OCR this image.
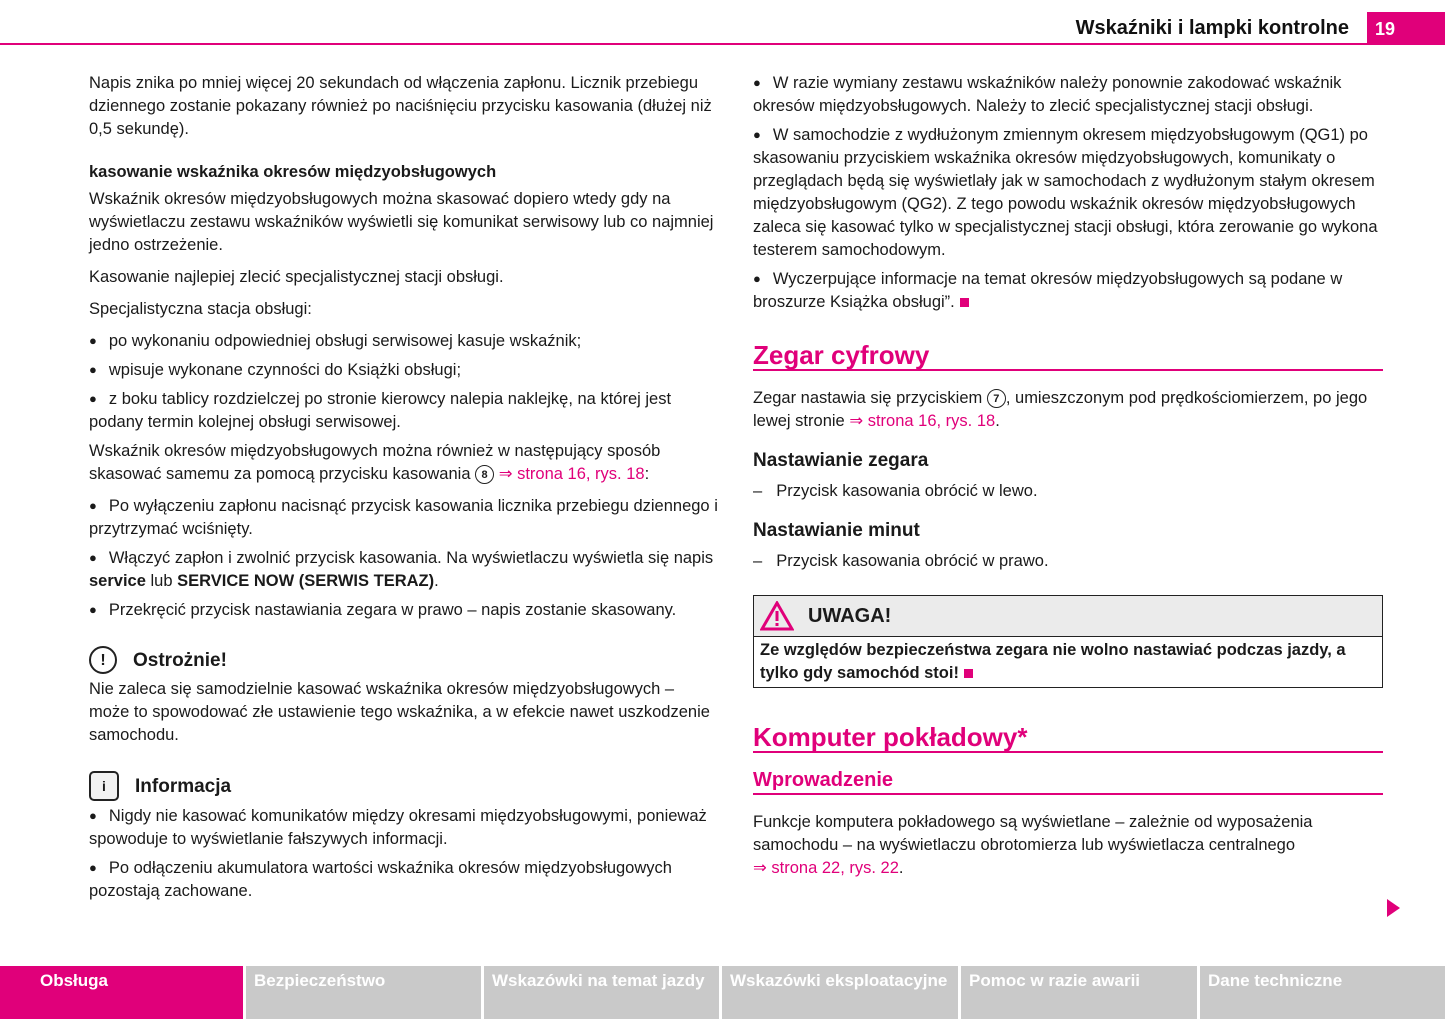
Wskaźniki i lampki kontrolne	19

Napis znika po mniej więcej 20 sekundach od włączenia zapłonu. Licznik przebiegu dziennego zostanie pokazany również po naciśnięciu przycisku kasowania (dłużej niż 0,5 sekundę).

kasowanie wskaźnika okresów międzyobsługowych

Wskaźnik okresów międzyobsługowych można skasować dopiero wtedy gdy na wyświetlaczu zestawu wskaźników wyświetli się komunikat serwisowy lub co najmniej jedno ostrzeżenie.

Kasowanie najlepiej zlecić specjalistycznej stacji obsługi.

Specjalistyczna stacja obsługi:

● po wykonaniu odpowiedniej obsługi serwisowej kasuje wskaźnik;
● wpisuje wykonane czynności do Książki obsługi;
● z boku tablicy rozdzielczej po stronie kierowcy nalepia naklejkę, na której jest podany termin kolejnej obsługi serwisowej.

Wskaźnik okresów międzyobsługowych można również w następujący sposób skasować samemu za pomocą przycisku kasowania 8 ⇒ strona 16, rys. 18:

● Po wyłączeniu zapłonu nacisnąć przycisk kasowania licznika przebiegu dziennego i przytrzymać wciśnięty.
● Włączyć zapłon i zwolnić przycisk kasowania. Na wyświetlaczu wyświetla się napis
service lub SERVICE NOW (SERWIS TERAZ).
● Przekręcić przycisk nastawiania zegara w prawo – napis zostanie skasowany.
!	Ostrożnie!

Nie zaleca się samodzielnie kasować wskaźnika okresów międzyobsługowych – może to spowodować złe ustawienie tego wskaźnika, a w efekcie nawet uszkodzenie samochodu.

i	Informacja
● Nigdy nie kasować komunikatów między okresami międzyobsługowymi, ponieważ spowoduje to wyświetlanie fałszywych informacji.
● Po odłączeniu akumulatora wartości wskaźnika okresów międzyobsługowych pozostają zachowane.
● W razie wymiany zestawu wskaźników należy ponownie zakodować wskaźnik okresów międzyobsługowych. Należy to zlecić specjalistycznej stacji obsługi.
● W samochodzie z wydłużonym zmiennym okresem międzyobsługowym (QG1) po skasowaniu przyciskiem wskaźnika okresów międzyobsługowych, komunikaty o przeglądach będą się wyświetlały jak w samochodach z wydłużonym stałym okresem międzyobsługowym (QG2). Z tego powodu wskaźnik okresów międzyobsługowych zaleca się kasować tylko w specjalistycznej stacji obsługi, która zerowanie go wykona testerem samochodowym.
● Wyczerpujące informacje na temat okresów międzyobsługowych są podane w broszurze Książka obsługi”.
Zegar cyfrowy

Zegar nastawia się przyciskiem 7 , umieszczonym pod prędkościomierzem, po jego lewej stronie ⇒ strona 16, rys. 18.

Nastawianie zegara
– Przycisk kasowania obrócić w lewo.
Nastawianie minut
– Przycisk kasowania obrócić w prawo.
UWAGA!
Ze względów bezpieczeństwa zegara nie wolno nastawiać podczas jazdy, a tylko gdy samochód stoi!
Komputer pokładowy*
Wprowadzenie

Funkcje komputera pokładowego są wyświetlane – zależnie od wyposażenia samochodu – na wyświetlaczu obrotomierza lub wyświetlacza centralnego
⇒ strona 22, rys. 22.

Obsługa	Bezpieczeństwo	Wskazówki na temat jazdy	Wskazówki eksploatacyjne	Pomoc w razie awarii	Dane techniczne
